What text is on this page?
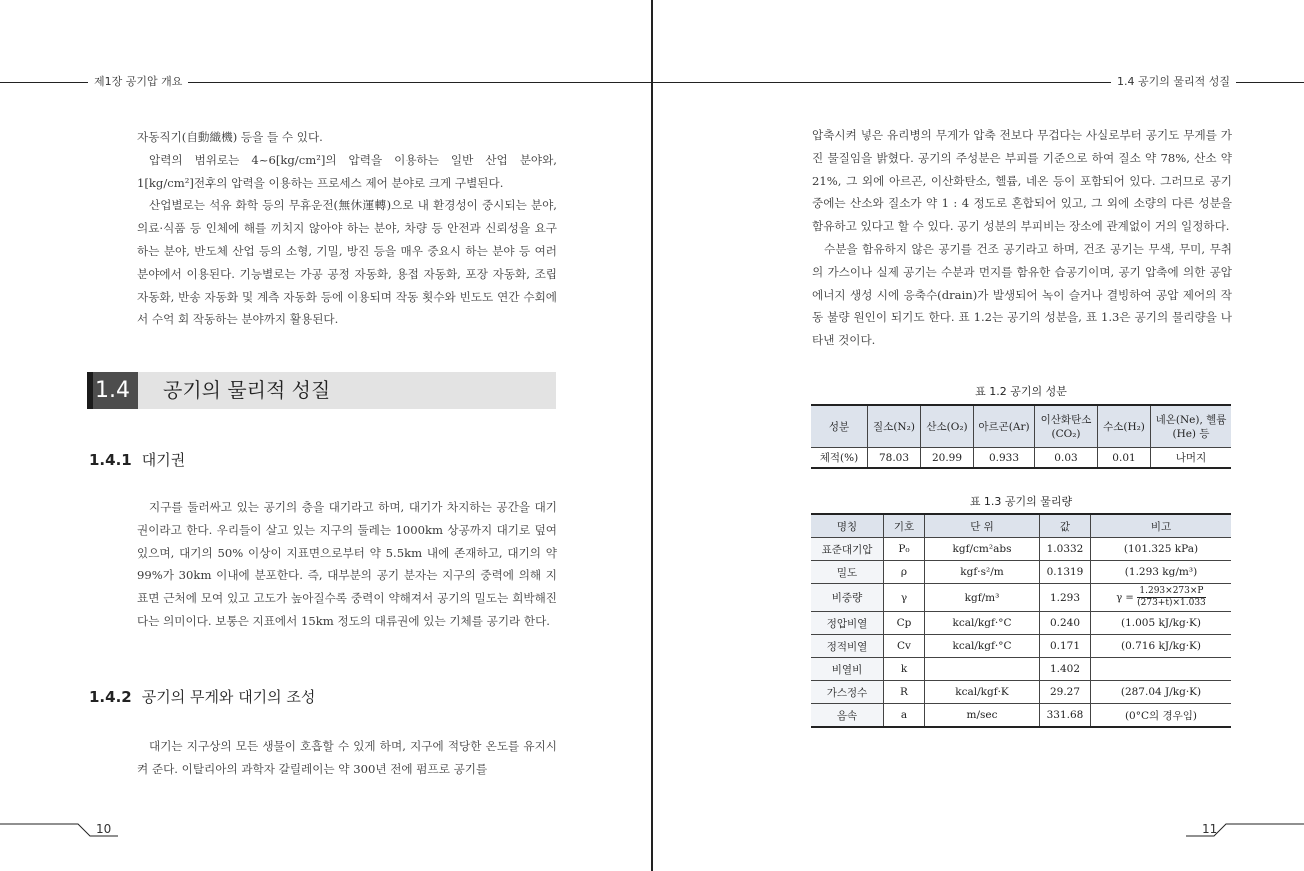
제1장 공기압 개요

자동직기(自動織機) 등을 들 수 있다.

압력의 범위로는 4~6[kg/cm²]의 압력을 이용하는 일반 산업 분야와, 1[kg/cm²]전후의 압력을 이용하는 프로세스 제어 분야로 크게 구별된다.

산업별로는 석유 화학 등의 무휴운전(無休運轉)으로 내 환경성이 중시되는 분야, 의료·식품 등 인체에 해를 끼치지 않아야 하는 분야, 차량 등 안전과 신뢰성을 요구하는 분야, 반도체 산업 등의 소형, 기밀, 방진 등을 매우 중요시 하는 분야 등 여러 분야에서 이용된다. 기능별로는 가공 공정 자동화, 용접 자동화, 포장 자동화, 조립 자동화, 반송 자동화 및 계측 자동화 등에 이용되며 작동 횟수와 빈도도 연간 수회에서 수억 회 작동하는 분야까지 활용된다.

1.4	공기의 물리적 성질
1.4.1 대기권

지구를 둘러싸고 있는 공기의 층을 대기라고 하며, 대기가 차지하는 공간을 대기권이라고 한다. 우리들이 살고 있는 지구의 둘레는 1000km 상공까지 대기로 덮여 있으며, 대기의 50% 이상이 지표면으로부터 약 5.5km 내에 존재하고, 대기의 약 99%가 30km 이내에 분포한다. 즉, 대부분의 공기 분자는 지구의 중력에 의해 지표면 근처에 모여 있고 고도가 높아질수록 중력이 약해져서 공기의 밀도는 희박해진다는 의미이다. 보통은 지표에서 15km 정도의 대류권에 있는 기체를 공기라 한다.

1.4.2 공기의 무게와 대기의 조성

대기는 지구상의 모든 생물이 호흡할 수 있게 하며, 지구에 적당한 온도를 유지시켜 준다. 이탈리아의 과학자 갈릴레이는 약 300년 전에 펌프로 공기를

10
1.4 공기의 물리적 성질

압축시켜 넣은 유리병의 무게가 압축 전보다 무겁다는 사실로부터 공기도 무게를 가진 물질임을 밝혔다. 공기의 주성분은 부피를 기준으로 하여 질소 약 78%, 산소 약 21%, 그 외에 아르곤, 이산화탄소, 헬륨, 네온 등이 포함되어 있다. 그러므로 공기 중에는 산소와 질소가 약 1 : 4 정도로 혼합되어 있고, 그 외에 소량의 다른 성분을 함유하고 있다고 할 수 있다. 공기 성분의 부피비는 장소에 관계없이 거의 일정하다.

수분을 함유하지 않은 공기를 건조 공기라고 하며, 건조 공기는 무색, 무미, 무취의 가스이나 실제 공기는 수분과 먼지를 함유한 습공기이며, 공기 압축에 의한 공압 에너지 생성 시에 응축수(drain)가 발생되어 녹이 슬거나 결빙하여 공압 제어의 작동 불량 원인이 되기도 한다. 표 1.2는 공기의 성분을, 표 1.3은 공기의 물리량을 나타낸 것이다.

11
표 1.2 공기의 성분
성분	질소(N₂)	산소(O₂)	아르곤(Ar)	이산화탄소 (CO₂)	수소(H₂)	네온(Ne), 헬륨(He) 등
체적(%)	78.03	20.99	0.933	0.03	0.01	나머지
표 1.3 공기의 물리량
명칭	기호	단 위	값	비고
표준대기압	P₀	kgf/cm²abs	1.0332	(101.325 kPa)
밀도	ρ	kgf·s²/m	0.1319	(1.293 kg/m³)
비중량	γ	kgf/m³	1.293	$\gamma = \frac{1.293\times 273\times P}{(273+t)\times 1.033}$

정압비열	Cp	kcal/kgf·°C	0.240	(1.005 kJ/kg·K)
정적비열	Cv	kcal/kgf·°C	0.171	(0.716 kJ/kg·K)
비열비	k		1.402	
가스정수	R	kcal/kgf·K	29.27	(287.04 J/kg·K)
음속	a	m/sec	331.68	(0°C의 경우임)
